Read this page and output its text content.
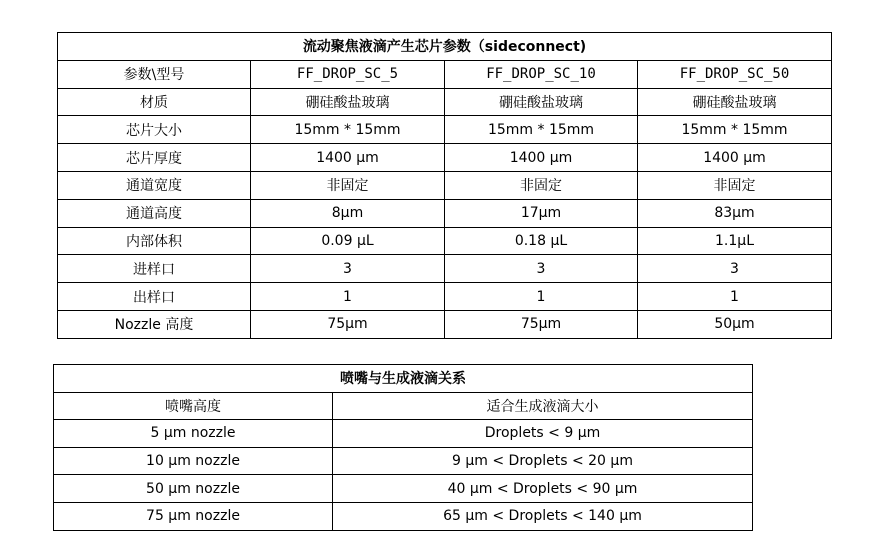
流动聚焦液滴产生芯片参数（sideconnect)			
参数\型号	FF_DROP_SC_5	FF_DROP_SC_10	FF_DROP_SC_50
材质	硼硅酸盐玻璃	硼硅酸盐玻璃	硼硅酸盐玻璃
芯片大小	15mm * 15mm	15mm * 15mm	15mm * 15mm
芯片厚度	1400 μm	1400 μm	1400 μm
通道宽度	非固定	非固定	非固定
通道高度	8μm	17μm	83μm
内部体积	0.09 μL	0.18 μL	1.1μL
进样口	3	3	3
出样口	1	1	1
Nozzle 高度	75μm	75μm	50μm
喷嘴与生成液滴关系	
喷嘴高度	适合生成液滴大小
5 μm nozzle	Droplets < 9 μm
10 μm nozzle	9 μm < Droplets < 20 μm
50 μm nozzle	40 μm < Droplets < 90 μm
75 μm nozzle	65 μm < Droplets < 140 μm
